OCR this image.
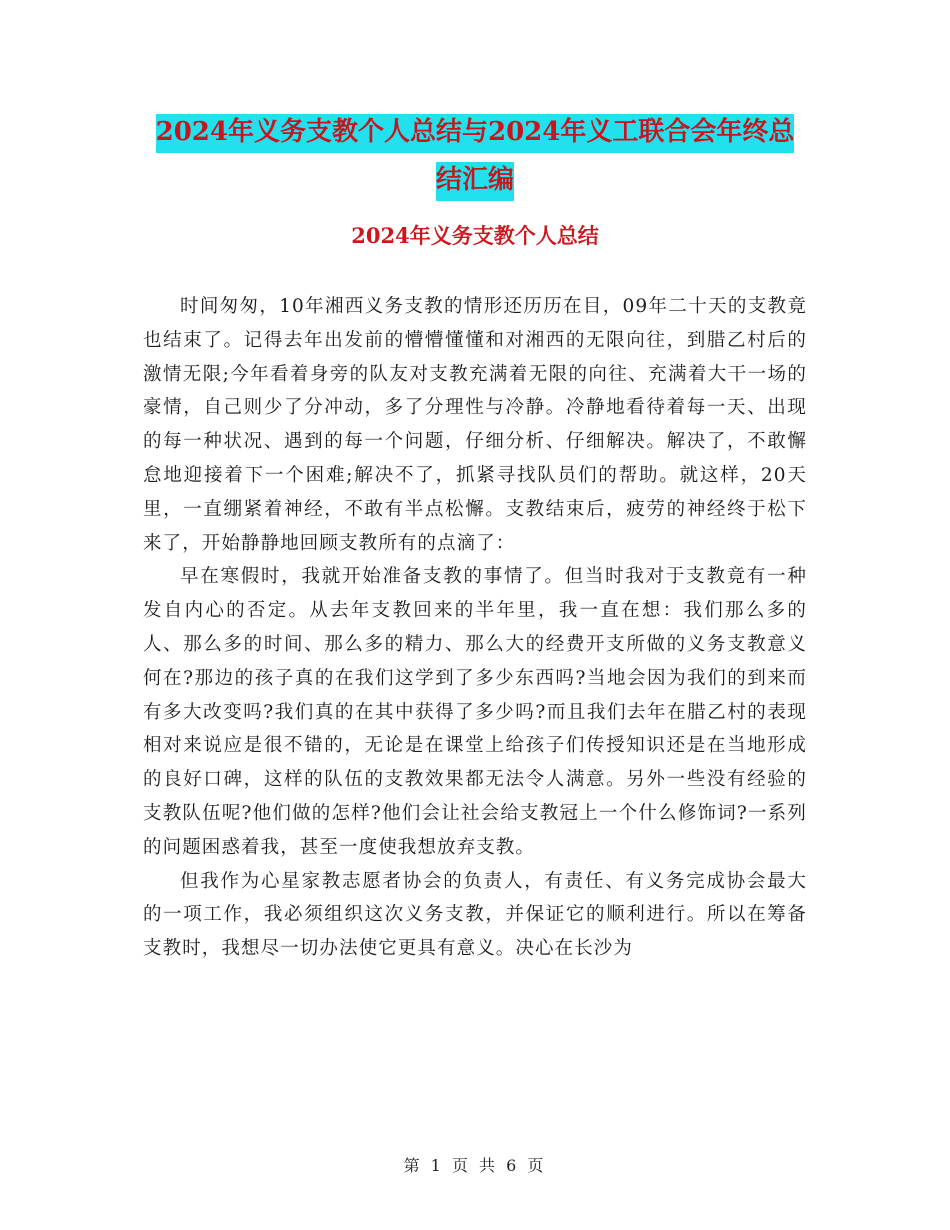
2024年义务支教个人总结与2024年义工联合会年终总
结汇编
2024年义务支教个人总结

时间匆匆，10年湘西义务支教的情形还历历在目，09年二十天的支教竟也结束了。记得去年出发前的懵懵懂懂和对湘西的无限向往，到腊乙村后的激情无限;今年看着身旁的队友对支教充满着无限的向往、充满着大干一场的豪情，自己则少了分冲动，多了分理性与冷静。冷静地看待着每一天、出现的每一种状况、遇到的每一个问题，仔细分析、仔细解决。解决了，不敢懈怠地迎接着下一个困难;解决不了，抓紧寻找队员们的帮助。就这样，20天里，一直绷紧着神经，不敢有半点松懈。支教结束后，疲劳的神经终于松下来了，开始静静地回顾支教所有的点滴了：

早在寒假时，我就开始准备支教的事情了。但当时我对于支教竟有一种发自内心的否定。从去年支教回来的半年里，我一直在想：我们那么多的人、那么多的时间、那么多的精力、那么大的经费开支所做的义务支教意义何在?那边的孩子真的在我们这学到了多少东西吗?当地会因为我们的到来而有多大改变吗?我们真的在其中获得了多少吗?而且我们去年在腊乙村的表现相对来说应是很不错的，无论是在课堂上给孩子们传授知识还是在当地形成的良好口碑，这样的队伍的支教效果都无法令人满意。另外一些没有经验的支教队伍呢?他们做的怎样?他们会让社会给支教冠上一个什么修饰词?一系列的问题困惑着我，甚至一度使我想放弃支教。

但我作为心星家教志愿者协会的负责人，有责任、有义务完成协会最大的一项工作，我必须组织这次义务支教，并保证它的顺利进行。所以在筹备支教时，我想尽一切办法使它更具有意义。决心在长沙为

第 1 页 共 6 页
